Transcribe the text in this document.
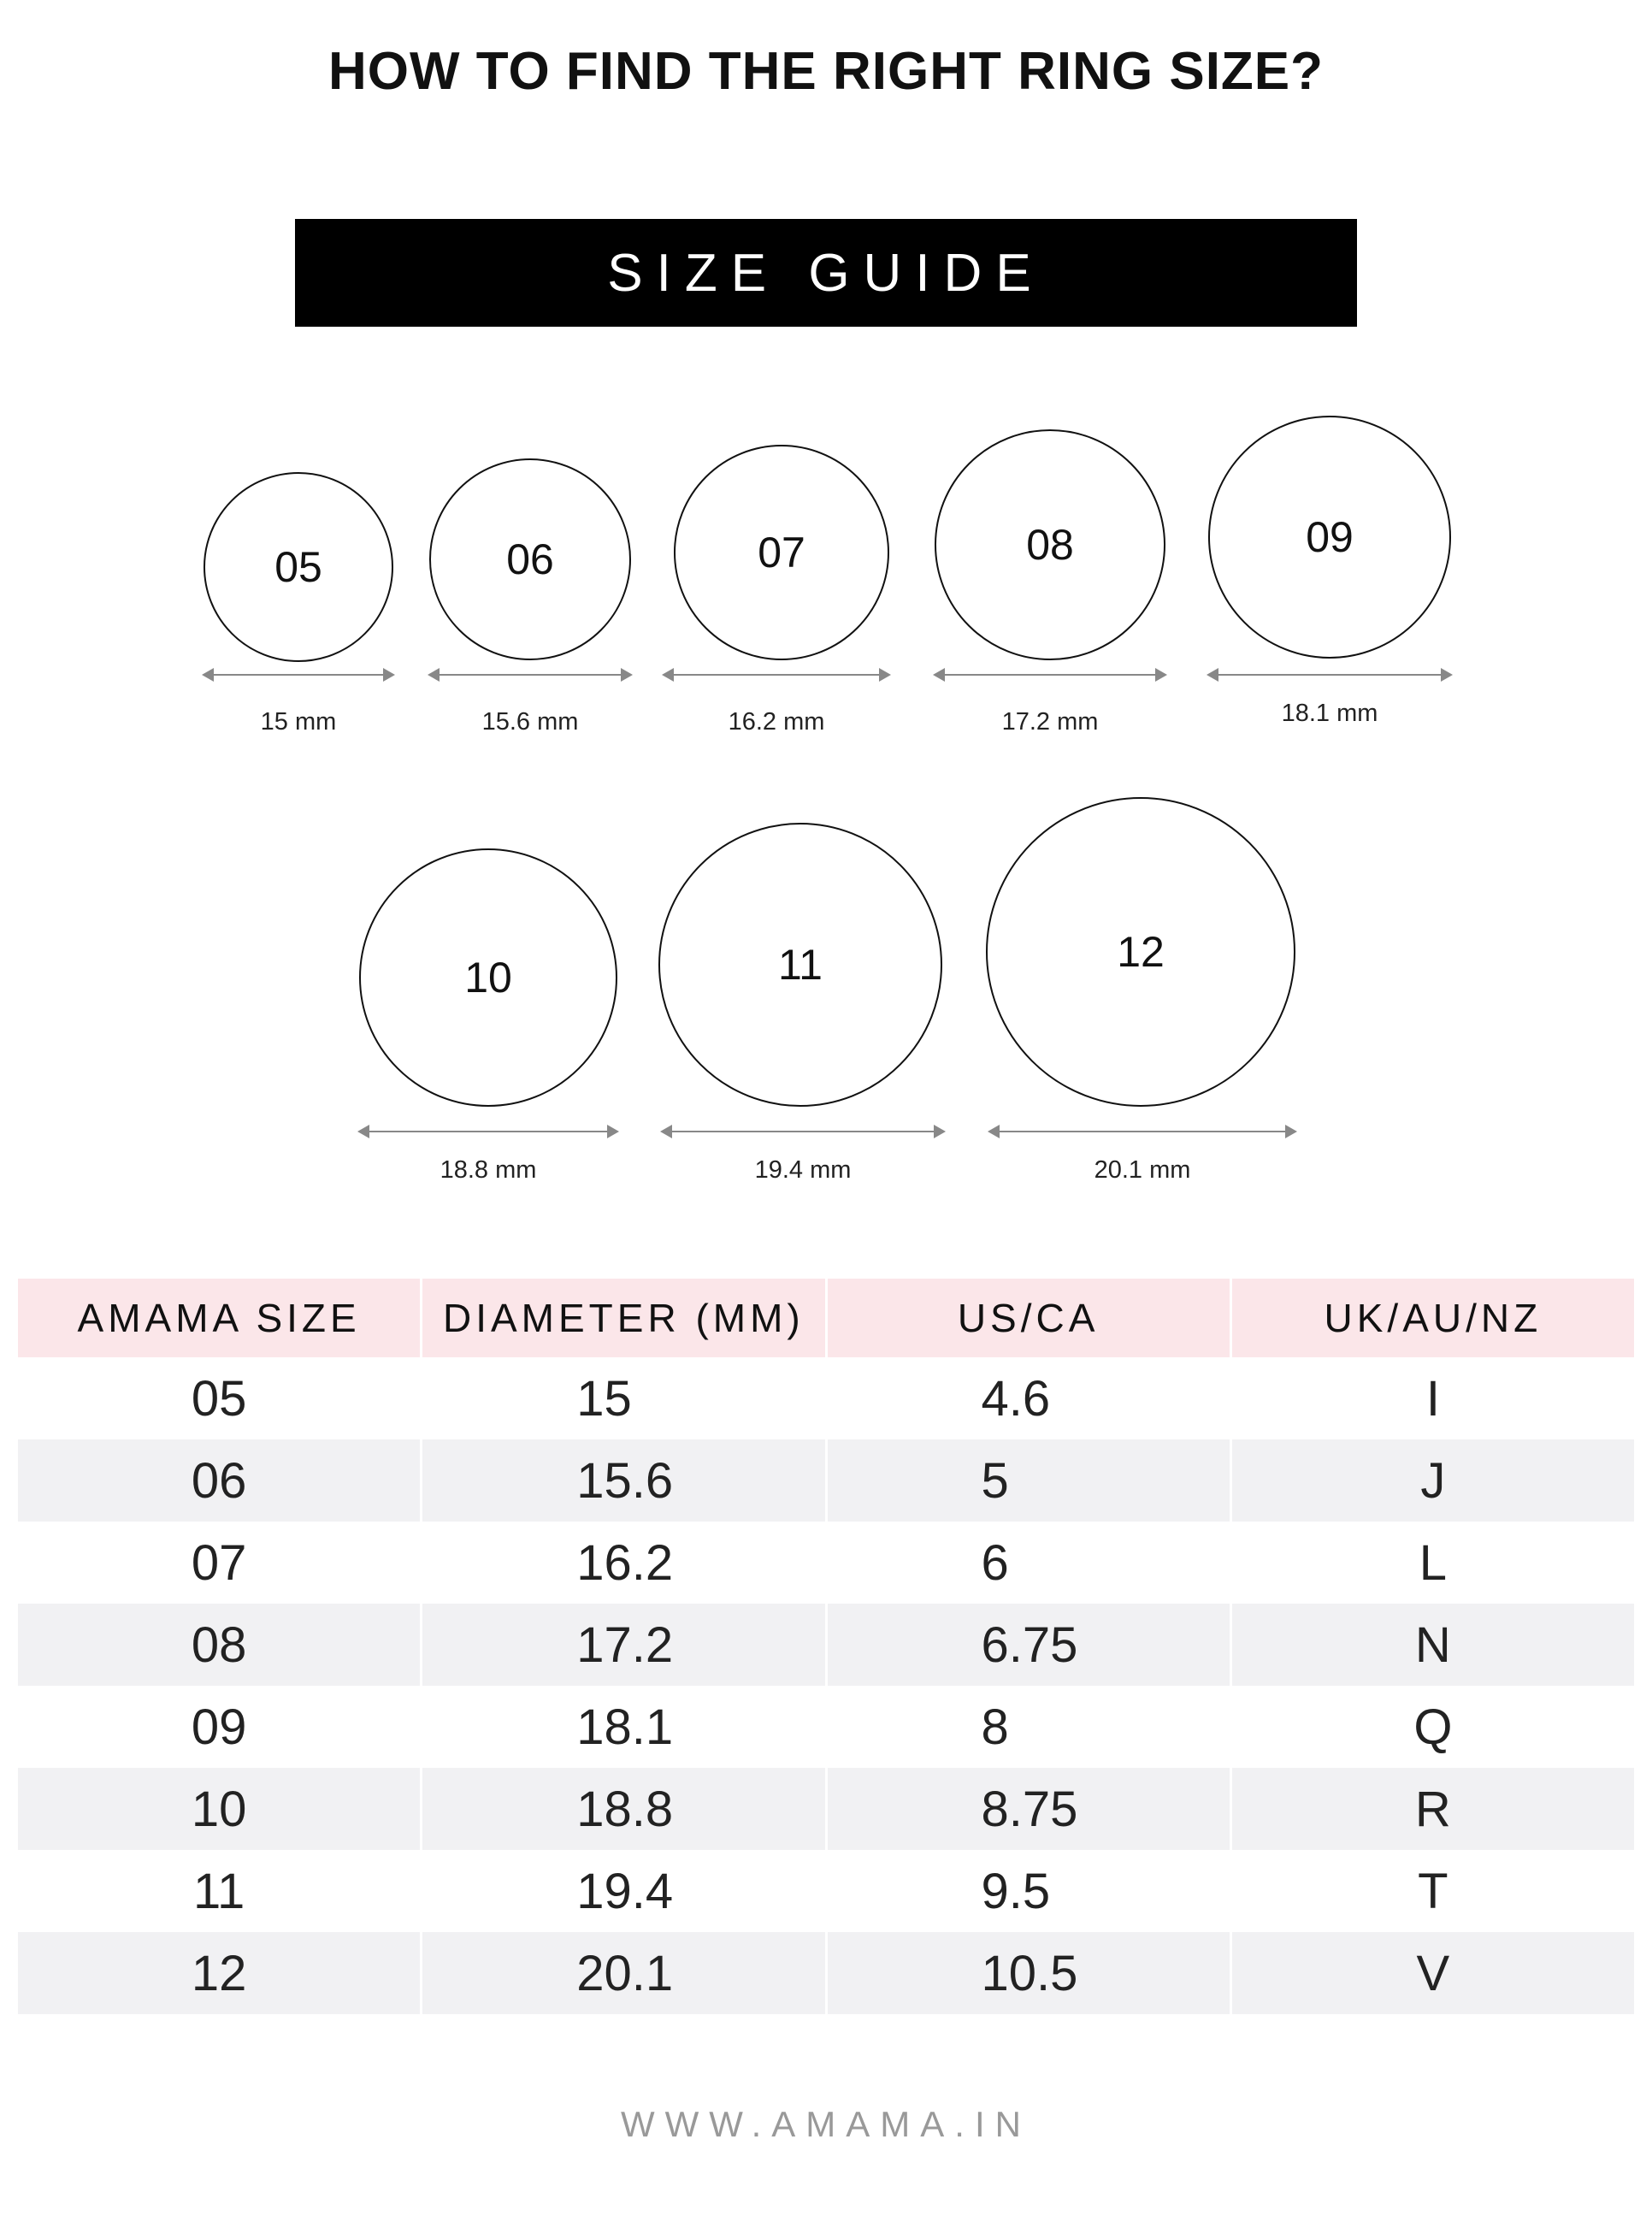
HOW TO FIND THE RIGHT RING SIZE?
SIZE GUIDE
05	06	07	08	09
15 mm	15.6 mm	16.2 mm	17.2 mm	18.1 mm
10	11	12
18.8 mm	19.4 mm	20.1 mm
AMAMA SIZE	DIAMETER (MM)	US/CA	UK/AU/NZ
05	15	4.6	I
06	15.6	5	J
07	16.2	6	L
08	17.2	6.75	N
09	18.1	8	Q
10	18.8	8.75	R
11	19.4	9.5	T
12	20.1	10.5	V
WWW.AMAMA.IN
